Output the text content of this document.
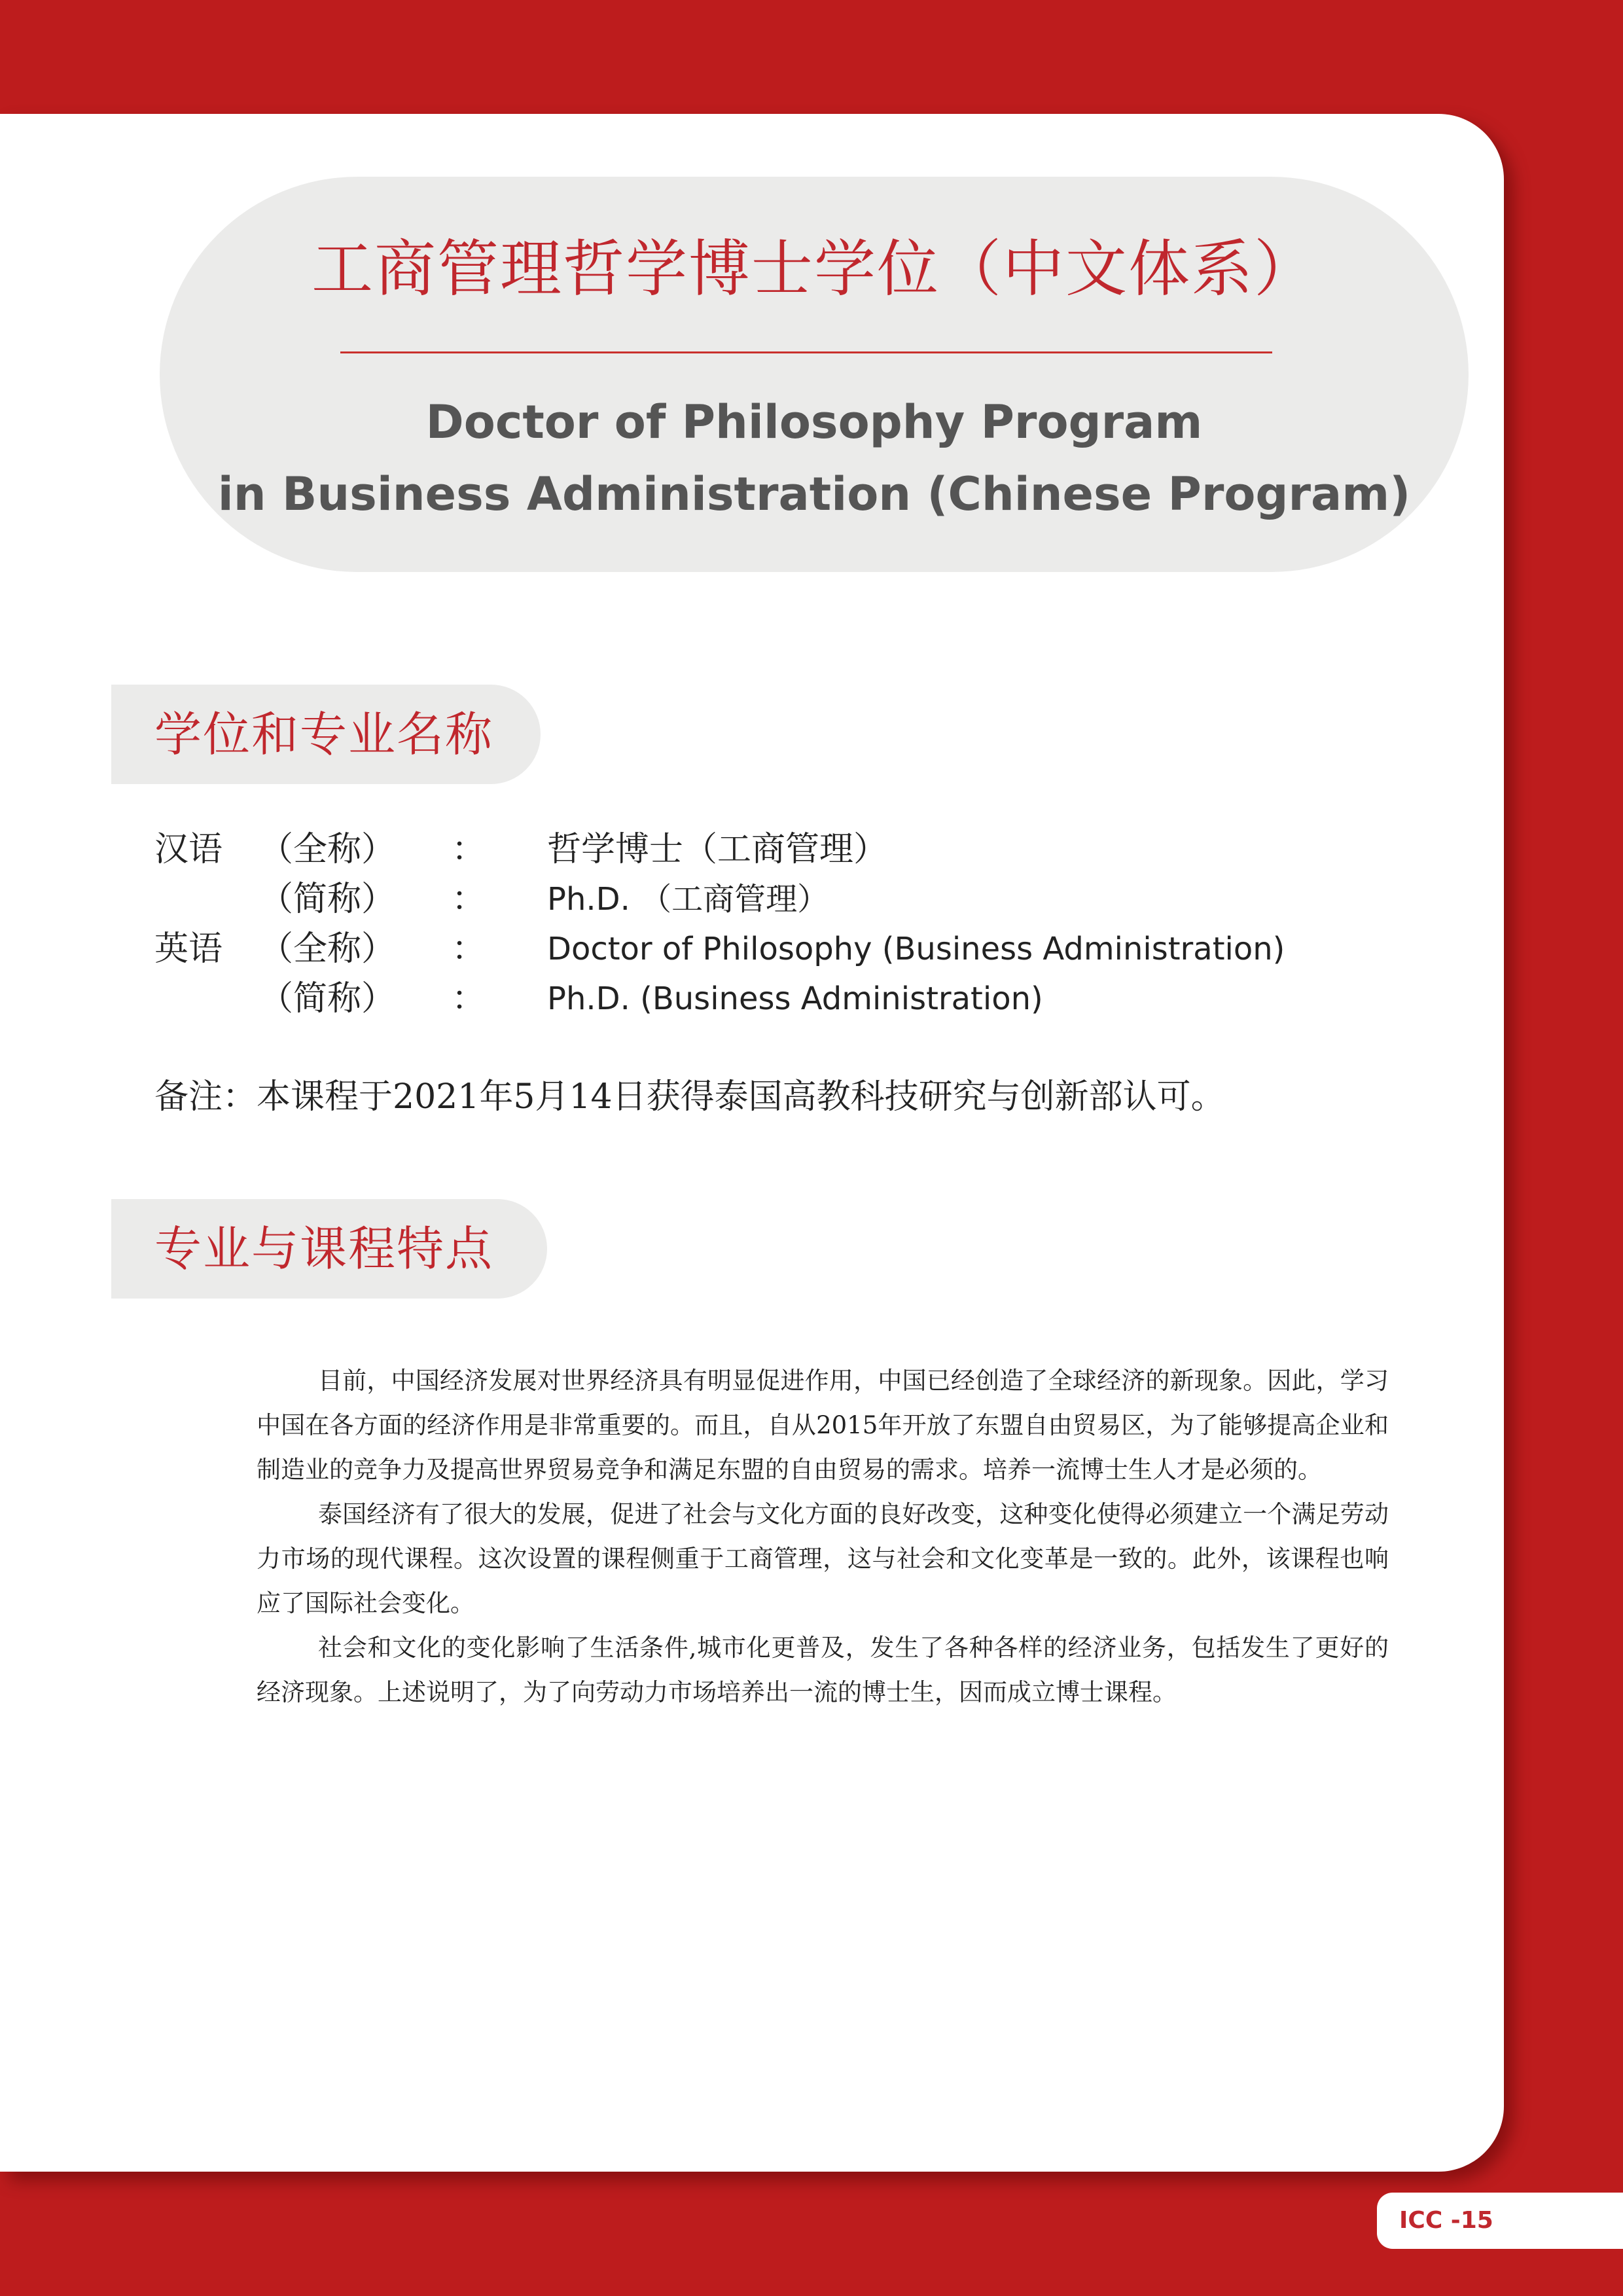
工商管理哲学博士学位（中文体系）
Doctor of Philosophy Program
in Business Administration (Chinese Program)
学位和专业名称
汉语 （全称） ： 哲学博士（工商管理）
（简称） ： Ph.D. （工商管理）
英语 （全称） ： Doctor of Philosophy (Business Administration)
（简称） ： Ph.D. (Business Administration)
备注：本课程于2021年5月14日获得泰国高教科技研究与创新部认可。
专业与课程特点

目前，中国经济发展对世界经济具有明显促进作用，中国已经创造了全球经济的新现象。因此，学习中国在各方面的经济作用是非常重要的。而且，自从2015年开放了东盟自由贸易区，为了能够提高企业和制造业的竞争力及提高世界贸易竞争和满足东盟的自由贸易的需求。培养一流博士生人才是必须的。

泰国经济有了很大的发展，促进了社会与文化方面的良好改变，这种变化使得必须建立一个满足劳动力市场的现代课程。这次设置的课程侧重于工商管理，这与社会和文化变革是一致的。此外，该课程也响应了国际社会变化。

社会和文化的变化影响了生活条件,城市化更普及，发生了各种各样的经济业务，包括发生了更好的经济现象。上述说明了，为了向劳动力市场培养出一流的博士生，因而成立博士课程。

ICC -15
